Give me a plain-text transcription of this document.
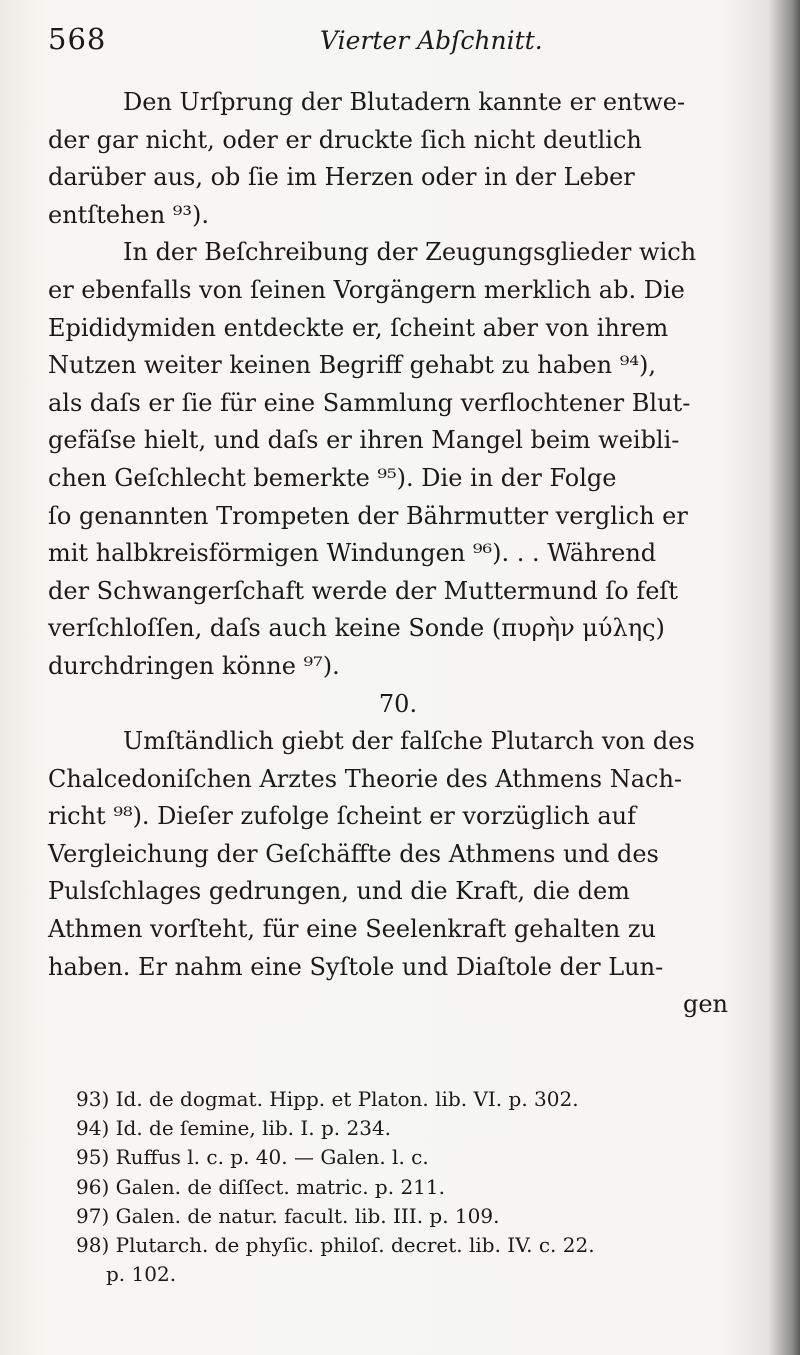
568	Vierter Abſchnitt.
Den Urſprung der Blutadern kannte er entwe-
der gar nicht, oder er druckte ſich nicht deutlich
darüber aus, ob ſie im Herzen oder in der Leber
entſtehen ⁹³).
In der Beſchreibung der Zeugungsglieder wich
er ebenfalls von ſeinen Vorgängern merklich ab. Die
Epididymiden entdeckte er, ſcheint aber von ihrem
Nutzen weiter keinen Begriff gehabt zu haben ⁹⁴),
als daſs er ſie für eine Sammlung verflochtener Blut-
gefäſse hielt, und daſs er ihren Mangel beim weibli-
chen Geſchlecht bemerkte ⁹⁵). Die in der Folge
ſo genannten Trompeten der Bährmutter verglich er
mit halbkreisförmigen Windungen ⁹⁶). . . Während
der Schwangerſchaft werde der Muttermund ſo feſt
verſchloſſen, daſs auch keine Sonde (πυρὴν μύλης)
durchdringen könne ⁹⁷).
70.
Umſtändlich giebt der falſche Plutarch von des
Chalcedoniſchen Arztes Theorie des Athmens Nach-
richt ⁹⁸). Dieſer zufolge ſcheint er vorzüglich auf
Vergleichung der Geſchäffte des Athmens und des
Pulsſchlages gedrungen, und die Kraft, die dem
Athmen vorſteht, für eine Seelenkraft gehalten zu
haben. Er nahm eine Syſtole und Diaſtole der Lun-
gen
93) Id. de dogmat. Hipp. et Platon. lib. VI. p. 302.
94) Id. de ſemine, lib. I. p. 234.
95) Ruffus l. c. p. 40. — Galen. l. c.
96) Galen. de diſſect. matric. p. 211.
97) Galen. de natur. facult. lib. III. p. 109.
98) Plutarch. de phyſic. philoſ. decret. lib. IV. c. 22.
p. 102.
